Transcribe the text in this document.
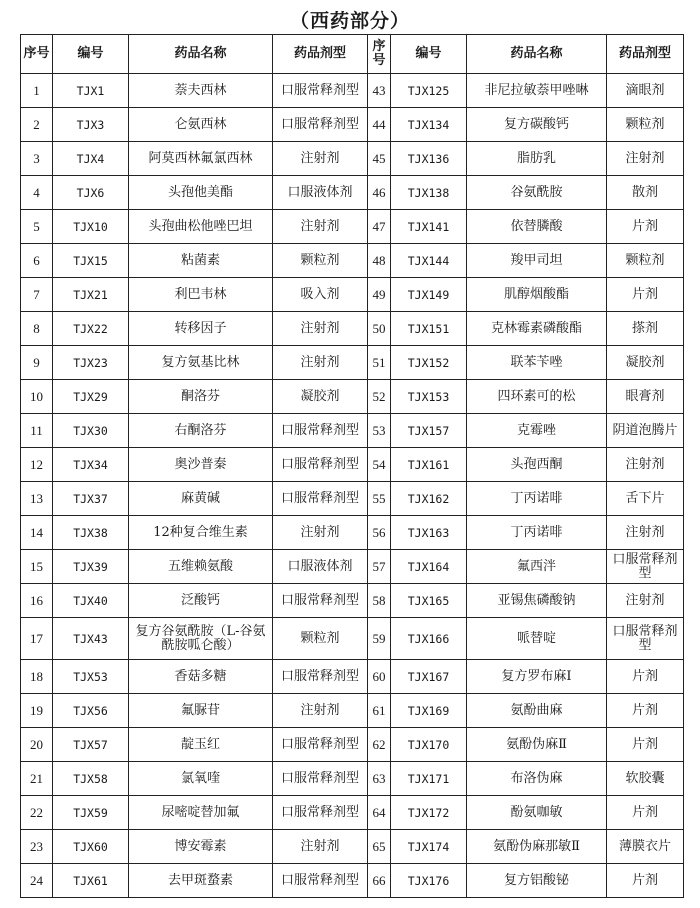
（西药部分）
序号	编号	药品名称	药品剂型	序号	编号	药品名称	药品剂型
1	TJX1	萘夫西林	口服常释剂型	43	TJX125	非尼拉敏萘甲唑啉	滴眼剂
2	TJX3	仑氨西林	口服常释剂型	44	TJX134	复方碳酸钙	颗粒剂
3	TJX4	阿莫西林氟氯西林	注射剂	45	TJX136	脂肪乳	注射剂
4	TJX6	头孢他美酯	口服液体剂	46	TJX138	谷氨酰胺	散剂
5	TJX10	头孢曲松他唑巴坦	注射剂	47	TJX141	依替膦酸	片剂
6	TJX15	粘菌素	颗粒剂	48	TJX144	羧甲司坦	颗粒剂
7	TJX21	利巴韦林	吸入剂	49	TJX149	肌醇烟酸酯	片剂
8	TJX22	转移因子	注射剂	50	TJX151	克林霉素磷酸酯	搽剂
9	TJX23	复方氨基比林	注射剂	51	TJX152	联苯苄唑	凝胶剂
10	TJX29	酮洛芬	凝胶剂	52	TJX153	四环素可的松	眼膏剂
11	TJX30	右酮洛芬	口服常释剂型	53	TJX157	克霉唑	阴道泡腾片
12	TJX34	奥沙普秦	口服常释剂型	54	TJX161	头孢西酮	注射剂
13	TJX37	麻黄碱	口服常释剂型	55	TJX162	丁丙诺啡	舌下片
14	TJX38	12种复合维生素	注射剂	56	TJX163	丁丙诺啡	注射剂
15	TJX39	五维赖氨酸	口服液体剂	57	TJX164	氟西泮	口服常释剂型
16	TJX40	泛酸钙	口服常释剂型	58	TJX165	亚锡焦磷酸钠	注射剂
17	TJX43	复方谷氨酰胺（L-谷氨酰胺呱仑酸）	颗粒剂	59	TJX166	哌替啶	口服常释剂型
18	TJX53	香菇多糖	口服常释剂型	60	TJX167	复方罗布麻Ⅰ	片剂
19	TJX56	氟脲苷	注射剂	61	TJX169	氨酚曲麻	片剂
20	TJX57	靛玉红	口服常释剂型	62	TJX170	氨酚伪麻Ⅱ	片剂
21	TJX58	氯氧喹	口服常释剂型	63	TJX171	布洛伪麻	软胶囊
22	TJX59	尿嘧啶替加氟	口服常释剂型	64	TJX172	酚氨咖敏	片剂
23	TJX60	博安霉素	注射剂	65	TJX174	氨酚伪麻那敏Ⅱ	薄膜衣片
24	TJX61	去甲斑蝥素	口服常释剂型	66	TJX176	复方铝酸铋	片剂
